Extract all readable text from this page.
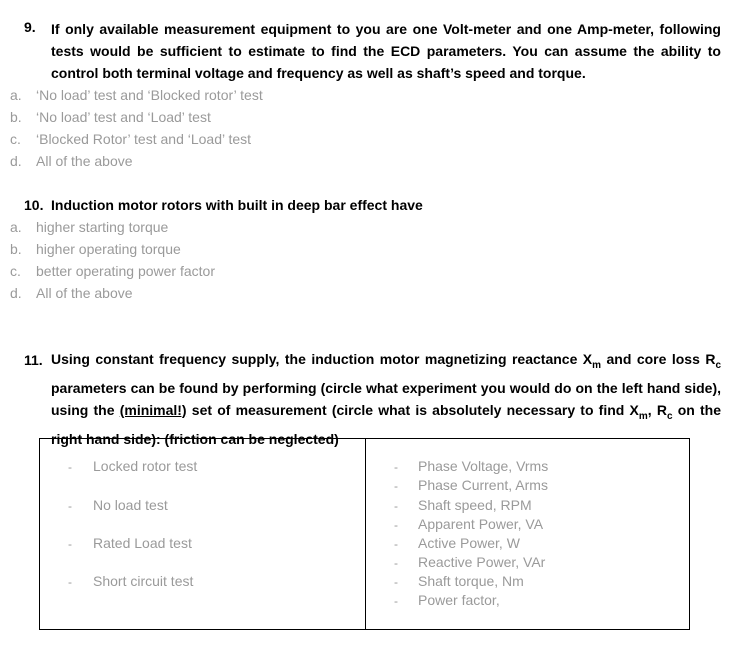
9. If only available measurement equipment to you are one Volt-meter and one Amp-meter, following tests would be sufficient to estimate to find the ECD parameters. You can assume the ability to control both terminal voltage and frequency as well as shaft’s speed and torque.
a. ‘No load’ test and ‘Blocked rotor’ test
b. ‘No load’ test and ‘Load’ test
c. ‘Blocked Rotor’ test and ‘Load’ test
d. All of the above
10. Induction motor rotors with built in deep bar effect have
a. higher starting torque
b. higher operating torque
c. better operating power factor
d. All of the above
11. Using constant frequency supply, the induction motor magnetizing reactance $X_m$ and core loss $R_c$ parameters can be found by performing (circle what experiment you would do on the left hand side), using the (minimal!) set of measurement (circle what is absolutely necessary to find $X_m$, $R_c$ on the right hand side): (friction can be neglected)
- Locked rotor test
- No load test
- Rated Load test
- Short circuit test
- Phase Voltage, Vrms
- Phase Current, Arms
- Shaft speed, RPM
- Apparent Power, VA
- Active Power, W
- Reactive Power, VAr
- Shaft torque, Nm
- Power factor,
